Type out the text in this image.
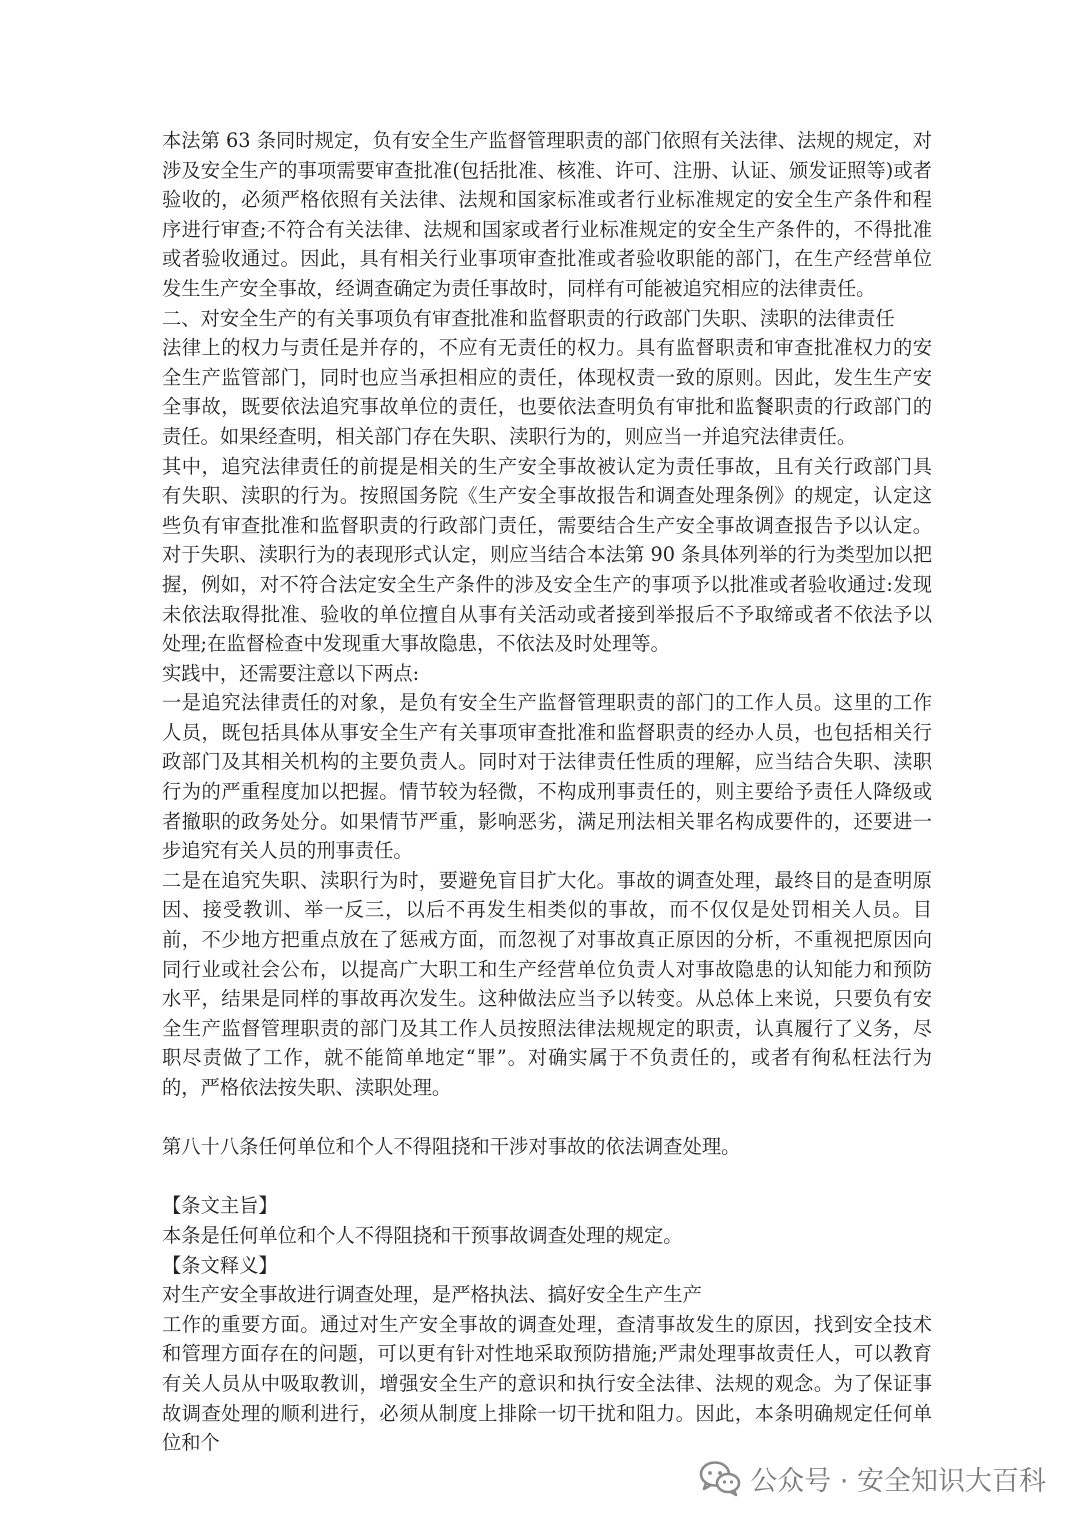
本法第 63 条同时规定，负有安全生产监督管理职责的部门依照有关法律、法规的规定，对涉及安全生产的事项需要审查批准(包括批准、核准、许可、注册、认证、颁发证照等)或者验收的，必须严格依照有关法律、法规和国家标准或者行业标准规定的安全生产条件和程序进行审查;不符合有关法律、法规和国家或者行业标准规定的安全生产条件的，不得批准或者验收通过。因此，具有相关行业事项审查批准或者验收职能的部门，在生产经营单位发生生产安全事故，经调查确定为责任事故时，同样有可能被追究相应的法律责任。

二、对安全生产的有关事项负有审查批准和监督职责的行政部门失职、渎职的法律责任

法律上的权力与责任是并存的，不应有无责任的权力。具有监督职责和审查批准权力的安全生产监管部门，同时也应当承担相应的责任，体现权责一致的原则。因此，发生生产安全事故，既要依法追究事故单位的责任，也要依法查明负有审批和监餐职责的行政部门的责任。如果经查明，相关部门存在失职、渎职行为的，则应当一并追究法律责任。

其中，追究法律责任的前提是相关的生产安全事故被认定为责任事故，且有关行政部门具有失职、渎职的行为。按照国务院《生产安全事故报告和调查处理条例》的规定，认定这些负有审查批准和监督职责的行政部门责任，需要结合生产安全事故调查报告予以认定。对于失职、渎职行为的表现形式认定，则应当结合本法第 90 条具体列举的行为类型加以把握，例如，对不符合法定安全生产条件的涉及安全生产的事项予以批准或者验收通过:发现未依法取得批准、验收的单位擅自从事有关活动或者接到举报后不予取缔或者不依法予以处理;在监督检查中发现重大事故隐患，不依法及时处理等。

实践中，还需要注意以下两点:

一是追究法律责任的对象，是负有安全生产监督管理职责的部门的工作人员。这里的工作人员，既包括具体从事安全生产有关事项审查批准和监督职责的经办人员，也包括相关行政部门及其相关机构的主要负责人。同时对于法律责任性质的理解，应当结合失职、渎职行为的严重程度加以把握。情节较为轻微，不构成刑事责任的，则主要给予责任人降级或者撤职的政务处分。如果情节严重，影响恶劣，满足刑法相关罪名构成要件的，还要进一步追究有关人员的刑事责任。

二是在追究失职、渎职行为时，要避免盲目扩大化。事故的调查处理，最终目的是查明原因、接受教训、举一反三，以后不再发生相类似的事故，而不仅仅是处罚相关人员。目前，不少地方把重点放在了惩戒方面，而忽视了对事故真正原因的分析，不重视把原因向同行业或社会公布，以提高广大职工和生产经营单位负责人对事故隐患的认知能力和预防水平，结果是同样的事故再次发生。这种做法应当予以转变。从总体上来说，只要负有安全生产监督管理职责的部门及其工作人员按照法律法规规定的职责，认真履行了义务，尽职尽责做了工作，就不能简单地定“罪”。对确实属于不负责任的，或者有徇私枉法行为的，严格依法按失职、渎职处理。

第八十八条任何单位和个人不得阻挠和干涉对事故的依法调查处理。

【条文主旨】

本条是任何单位和个人不得阻挠和干预事故调查处理的规定。

【条文释义】

对生产安全事故进行调查处理，是严格执法、搞好安全生产生产

工作的重要方面。通过对生产安全事故的调查处理，查清事故发生的原因，找到安全技术和管理方面存在的问题，可以更有针对性地采取预防措施;严肃处理事故责任人，可以教育有关人员从中吸取教训，增强安全生产的意识和执行安全法律、法规的观念。为了保证事故调查处理的顺利进行，必须从制度上排除一切干扰和阻力。因此，本条明确规定任何单位和个

公众号 · 安全知识大百科
